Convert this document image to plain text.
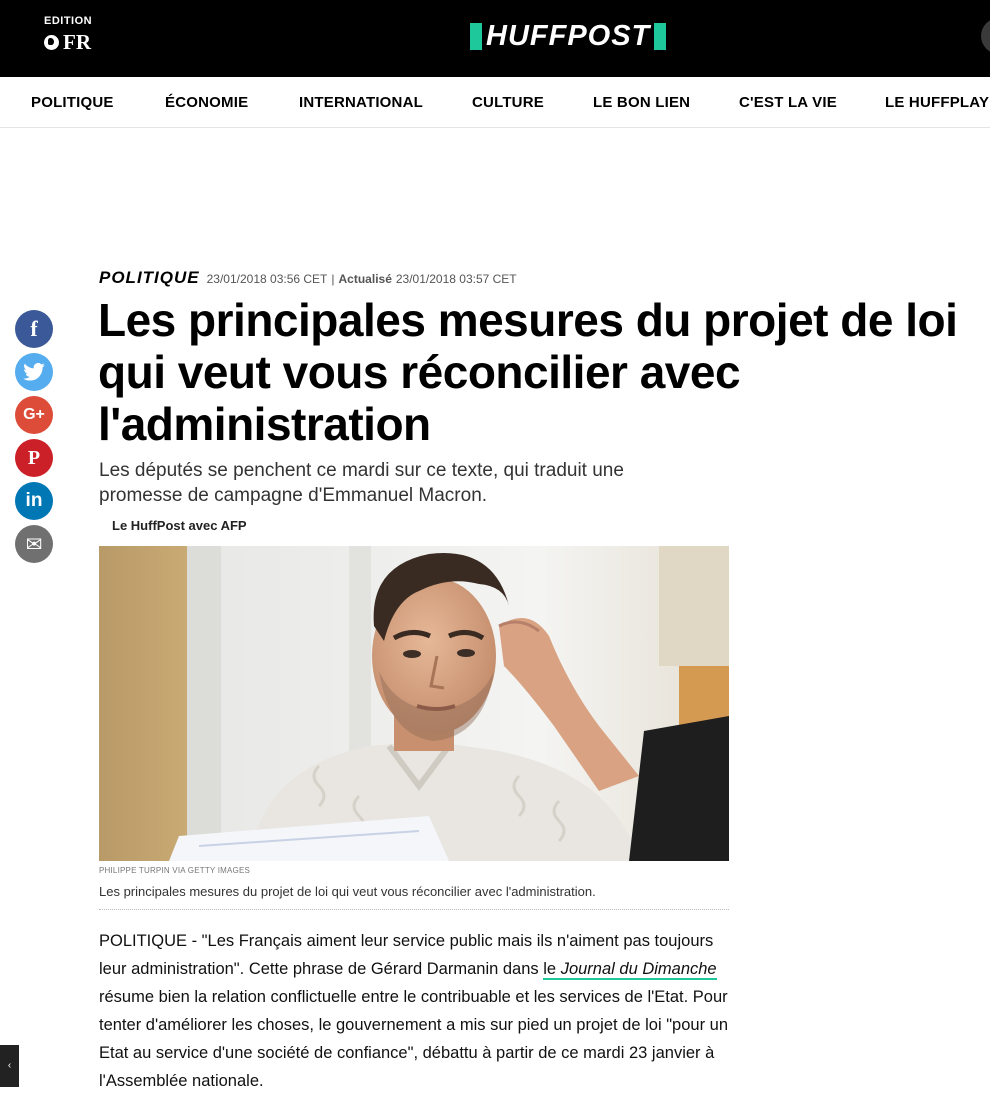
EDITION
FR	HUFFPOST
POLITIQUE	ÉCONOMIE	INTERNATIONAL	CULTURE	LE BON LIEN	C'EST LA VIE	LE HUFFPLAY
f
G+
P
in
✉
POLITIQUE 23/01/2018 03:56 CET | Actualisé 23/01/2018 03:57 CET
Les principales mesures du projet de loi qui veut vous réconcilier avec l'administration

Les députés se penchent ce mardi sur ce texte, qui traduit une promesse de campagne d'Emmanuel Macron.

Le HuffPost avec AFP
PHILIPPE TURPIN VIA GETTY IMAGES
Les principales mesures du projet de loi qui veut vous réconcilier avec l'administration.

POLITIQUE - "Les Français aiment leur service public mais ils n'aiment pas toujours leur administration". Cette phrase de Gérard Darmanin dans le Journal du Dimanche résume bien la relation conflictuelle entre le contribuable et les services de l'Etat. Pour tenter d'améliorer les choses, le gouvernement a mis sur pied un projet de loi "pour un Etat au service d'une société de confiance", débattu à partir de ce mardi 23 janvier à l'Assemblée nationale.

‹
